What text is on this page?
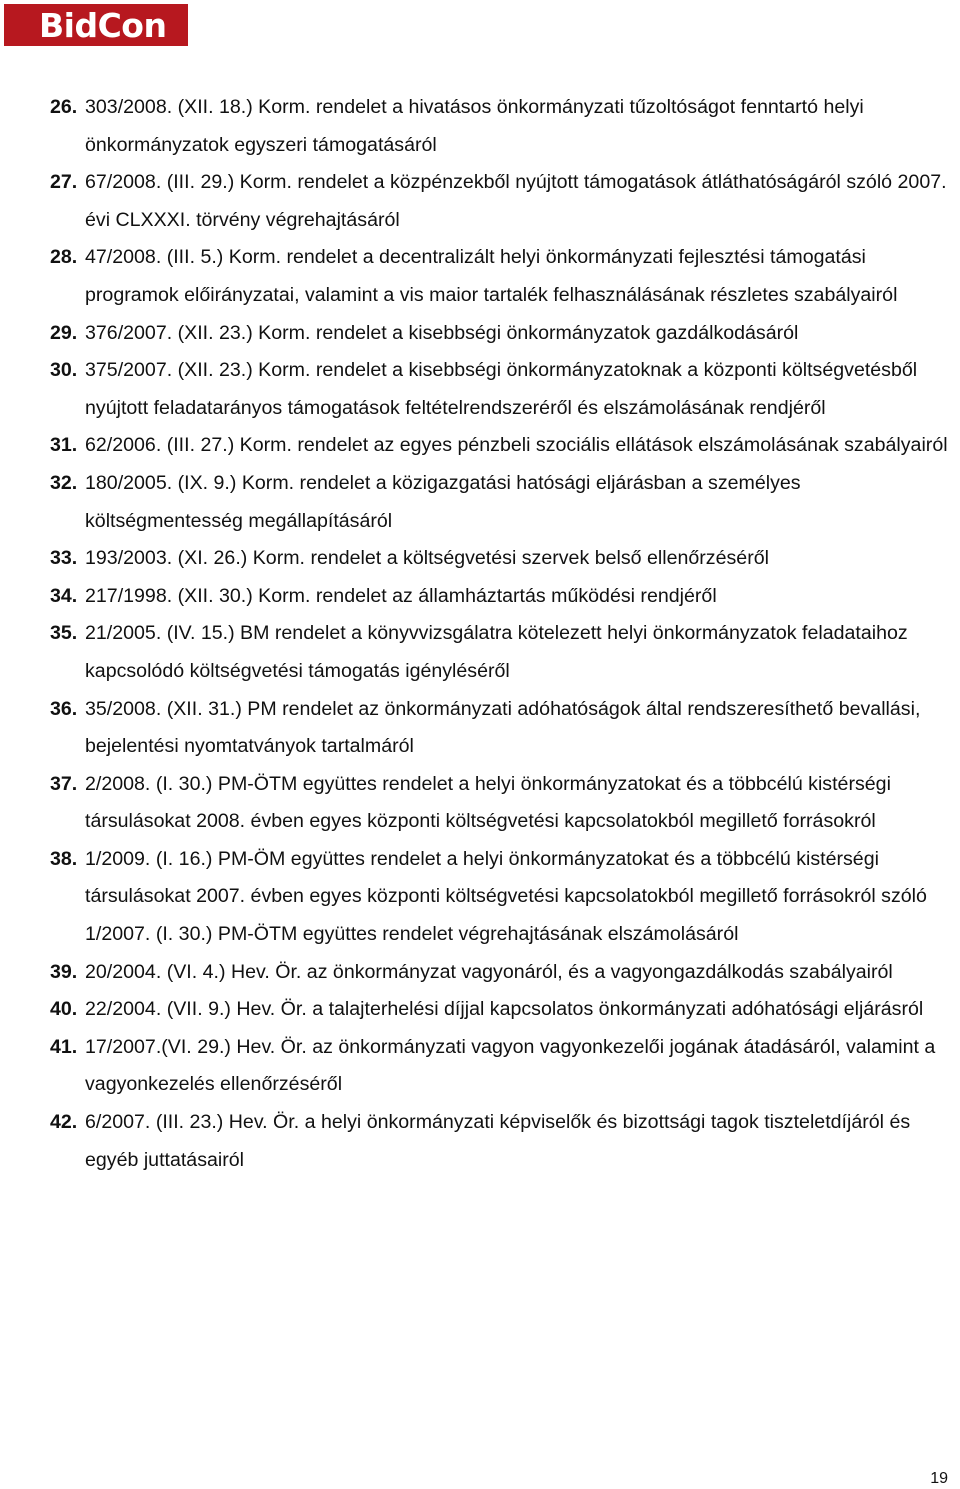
BidCon
26. 303/2008. (XII. 18.) Korm. rendelet a hivatásos önkormányzati tűzoltóságot fenntartó helyi önkormányzatok egyszeri támogatásáról
27. 67/2008. (III. 29.) Korm. rendelet a közpénzekből nyújtott támogatások átláthatóságáról szóló 2007. évi CLXXXI. törvény végrehajtásáról
28. 47/2008. (III. 5.) Korm. rendelet a decentralizált helyi önkormányzati fejlesztési támogatási programok előirányzatai, valamint a vis maior tartalék felhasználásának részletes szabályairól
29. 376/2007. (XII. 23.) Korm. rendelet a kisebbségi önkormányzatok gazdálkodásáról
30. 375/2007. (XII. 23.) Korm. rendelet a kisebbségi önkormányzatoknak a központi költségvetésből nyújtott feladatarányos támogatások feltételrendszeréről és elszámolásának rendjéről
31. 62/2006. (III. 27.) Korm. rendelet az egyes pénzbeli szociális ellátások elszámolásának szabályairól
32. 180/2005. (IX. 9.) Korm. rendelet a közigazgatási hatósági eljárásban a személyes költségmentesség megállapításáról
33. 193/2003. (XI. 26.) Korm. rendelet a költségvetési szervek belső ellenőrzéséről
34. 217/1998. (XII. 30.) Korm. rendelet az államháztartás működési rendjéről
35. 21/2005. (IV. 15.) BM rendelet a könyvvizsgálatra kötelezett helyi önkormányzatok feladataihoz kapcsolódó költségvetési támogatás igényléséről
36. 35/2008. (XII. 31.) PM rendelet az önkormányzati adóhatóságok által rendszeresíthető bevallási, bejelentési nyomtatványok tartalmáról
37. 2/2008. (I. 30.) PM-ÖTM együttes rendelet a helyi önkormányzatokat és a többcélú kistérségi társulásokat 2008. évben egyes központi költségvetési kapcsolatokból megillető forrásokról
38. 1/2009. (I. 16.) PM-ÖM együttes rendelet a helyi önkormányzatokat és a többcélú kistérségi társulásokat 2007. évben egyes központi költségvetési kapcsolatokból megillető forrásokról szóló 1/2007. (I. 30.) PM-ÖTM együttes rendelet végrehajtásának elszámolásáról
39. 20/2004. (VI. 4.) Hev. Ör. az önkormányzat vagyonáról, és a vagyongazdálkodás szabályairól
40. 22/2004. (VII. 9.) Hev. Ör. a talajterhelési díjjal kapcsolatos önkormányzati adóhatósági eljárásról
41. 17/2007.(VI. 29.) Hev. Ör. az önkormányzati vagyon vagyonkezelői jogának átadásáról, valamint a vagyonkezelés ellenőrzéséről
42. 6/2007. (III. 23.) Hev. Ör. a helyi önkormányzati képviselők és bizottsági tagok tiszteletdíjáról és egyéb juttatásairól
19
